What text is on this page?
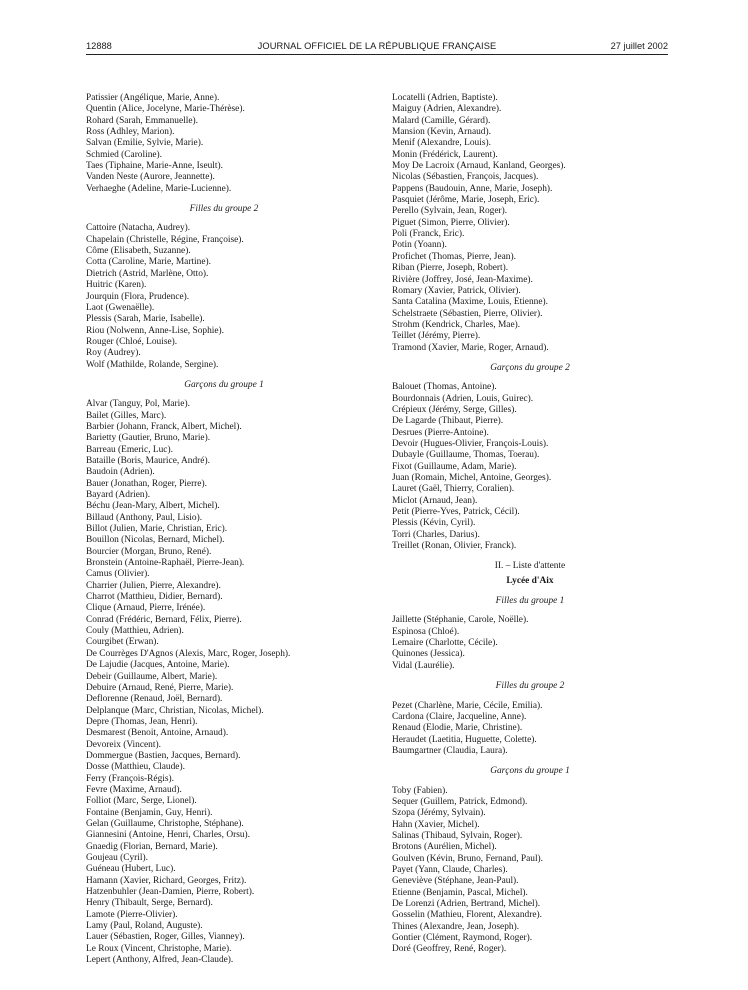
12888	JOURNAL OFFICIEL DE LA RÉPUBLIQUE FRANÇAISE	27 juillet 2002
Patissier (Angélique, Marie, Anne).
Quentin (Alice, Jocelyne, Marie-Thérèse).
Rohard (Sarah, Emmanuelle).
Ross (Adhley, Marion).
Salvan (Emilie, Sylvie, Marie).
Schmied (Caroline).
Taes (Tiphaine, Marie-Anne, Iseult).
Vanden Neste (Aurore, Jeannette).
Verhaeghe (Adeline, Marie-Lucienne).
Filles du groupe 2
Cattoire (Natacha, Audrey).
Chapelain (Christelle, Régine, Françoise).
Côme (Elisabeth, Suzanne).
Cotta (Caroline, Marie, Martine).
Dietrich (Astrid, Marlène, Otto).
Huitric (Karen).
Jourquin (Flora, Prudence).
Laot (Gwenaëlle).
Plessis (Sarah, Marie, Isabelle).
Riou (Nolwenn, Anne-Lise, Sophie).
Rouger (Chloé, Louise).
Roy (Audrey).
Wolf (Mathilde, Rolande, Sergine).
Garçons du groupe 1
Alvar (Tanguy, Pol, Marie).
Bailet (Gilles, Marc).
Barbier (Johann, Franck, Albert, Michel).
Barietty (Gautier, Bruno, Marie).
Barreau (Emeric, Luc).
Bataille (Boris, Maurice, André).
Baudoin (Adrien).
Bauer (Jonathan, Roger, Pierre).
Bayard (Adrien).
Béchu (Jean-Mary, Albert, Michel).
Billaud (Anthony, Paul, Lisio).
Billot (Julien, Marie, Christian, Eric).
Bouillon (Nicolas, Bernard, Michel).
Bourcier (Morgan, Bruno, René).
Bronstein (Antoine-Raphaël, Pierre-Jean).
Camus (Olivier).
Charrier (Julien, Pierre, Alexandre).
Charrot (Matthieu, Didier, Bernard).
Clique (Arnaud, Pierre, Irénée).
Conrad (Frédéric, Bernard, Félix, Pierre).
Couly (Matthieu, Adrien).
Courgibet (Erwan).
De Courrèges D'Agnos (Alexis, Marc, Roger, Joseph).
De Lajudie (Jacques, Antoine, Marie).
Debeir (Guillaume, Albert, Marie).
Debuire (Arnaud, René, Pierre, Marie).
Deflorenne (Renaud, Joël, Bernard).
Delplanque (Marc, Christian, Nicolas, Michel).
Depre (Thomas, Jean, Henri).
Desmarest (Benoit, Antoine, Arnaud).
Devoreix (Vincent).
Dommergue (Bastien, Jacques, Bernard).
Dosse (Matthieu, Claude).
Ferry (François-Régis).
Fevre (Maxime, Arnaud).
Folliot (Marc, Serge, Lionel).
Fontaine (Benjamin, Guy, Henri).
Gelan (Guillaume, Christophe, Stéphane).
Giannesini (Antoine, Henri, Charles, Orsu).
Gnaedig (Florian, Bernard, Marie).
Goujeau (Cyril).
Guéneau (Hubert, Luc).
Hamann (Xavier, Richard, Georges, Fritz).
Hatzenbuhler (Jean-Damien, Pierre, Robert).
Henry (Thibault, Serge, Bernard).
Lamote (Pierre-Olivier).
Lamy (Paul, Roland, Auguste).
Lauer (Sébastien, Roger, Gilles, Vianney).
Le Roux (Vincent, Christophe, Marie).
Lepert (Anthony, Alfred, Jean-Claude).
Locatelli (Adrien, Baptiste).
Maiguy (Adrien, Alexandre).
Malard (Camille, Gérard).
Mansion (Kevin, Arnaud).
Menif (Alexandre, Louis).
Monin (Frédérick, Laurent).
Moy De Lacroix (Arnaud, Kanland, Georges).
Nicolas (Sébastien, François, Jacques).
Pappens (Baudouin, Anne, Marie, Joseph).
Pasquiet (Jérôme, Marie, Joseph, Eric).
Perello (Sylvain, Jean, Roger).
Piguet (Simon, Pierre, Olivier).
Poli (Franck, Eric).
Potin (Yoann).
Profichet (Thomas, Pierre, Jean).
Riban (Pierre, Joseph, Robert).
Rivière (Joffrey, José, Jean-Maxime).
Romary (Xavier, Patrick, Olivier).
Santa Catalina (Maxime, Louis, Etienne).
Schelstraete (Sébastien, Pierre, Olivier).
Strohm (Kendrick, Charles, Mae).
Teillet (Jérémy, Pierre).
Tramond (Xavier, Marie, Roger, Arnaud).
Garçons du groupe 2
Balouet (Thomas, Antoine).
Bourdonnais (Adrien, Louis, Guirec).
Crépieux (Jérémy, Serge, Gilles).
De Lagarde (Thibaut, Pierre).
Desrues (Pierre-Antoine).
Devoir (Hugues-Olivier, François-Louis).
Dubayle (Guillaume, Thomas, Toerau).
Fixot (Guillaume, Adam, Marie).
Juan (Romain, Michel, Antoine, Georges).
Lauret (Gaël, Thierry, Coralien).
Miclot (Arnaud, Jean).
Petit (Pierre-Yves, Patrick, Cécil).
Plessis (Kévin, Cyril).
Torri (Charles, Darius).
Treillet (Ronan, Olivier, Franck).
II. – Liste d'attente
Lycée d'Aix
Filles du groupe 1
Jaillette (Stéphanie, Carole, Noëlle).
Espinosa (Chloé).
Lemaire (Charlotte, Cécile).
Quinones (Jessica).
Vidal (Laurélie).
Filles du groupe 2
Pezet (Charlène, Marie, Cécile, Emilia).
Cardona (Claire, Jacqueline, Anne).
Renaud (Elodie, Marie, Christine).
Heraudet (Laetitia, Huguette, Colette).
Baumgartner (Claudia, Laura).
Garçons du groupe 1
Toby (Fabien).
Sequer (Guillem, Patrick, Edmond).
Szopa (Jérémy, Sylvain).
Hahn (Xavier, Michel).
Salinas (Thibaud, Sylvain, Roger).
Brotons (Aurélien, Michel).
Goulven (Kévin, Bruno, Fernand, Paul).
Payet (Yann, Claude, Charles).
Geneviève (Stéphane, Jean-Paul).
Etienne (Benjamin, Pascal, Michel).
De Lorenzi (Adrien, Bertrand, Michel).
Gosselin (Mathieu, Florent, Alexandre).
Thines (Alexandre, Jean, Joseph).
Gontier (Clément, Raymond, Roger).
Doré (Geoffrey, René, Roger).
